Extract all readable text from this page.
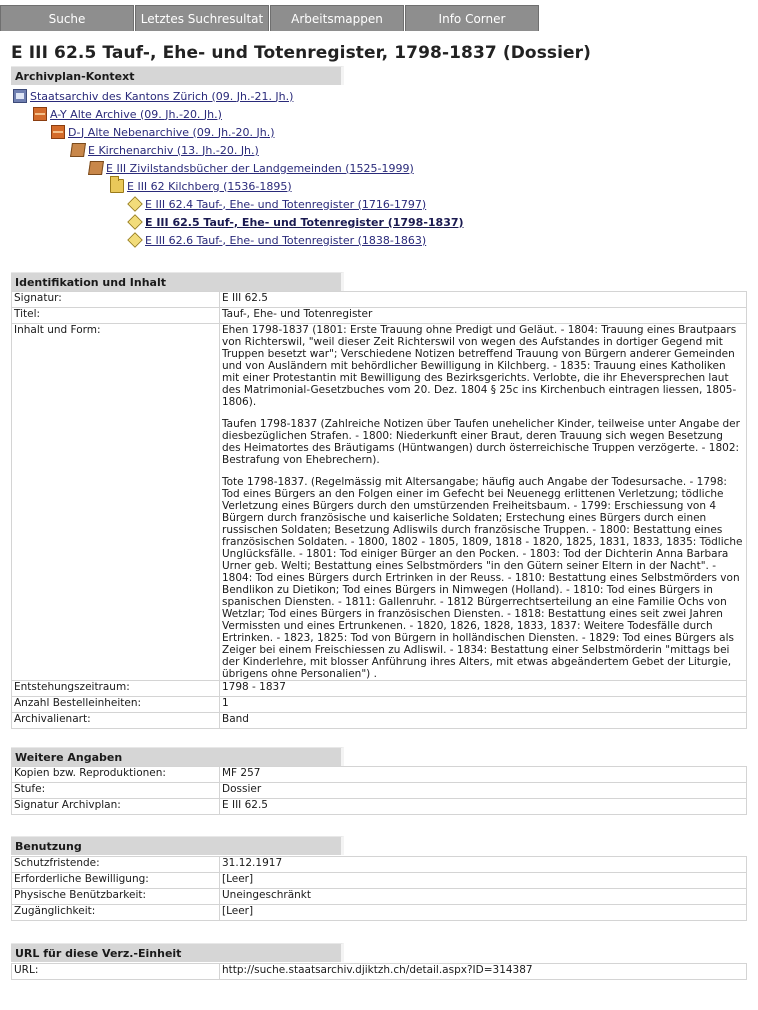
Suche	Letztes Suchresultat	Arbeitsmappen	Info Corner
E III 62.5 Tauf-, Ehe- und Totenregister, 1798-1837 (Dossier)
Archivplan-Kontext
Staatsarchiv des Kantons Zürich (09. Jh.-21. Jh.)
A-Y Alte Archive (09. Jh.-20. Jh.)
D-J Alte Nebenarchive (09. Jh.-20. Jh.)
E Kirchenarchiv (13. Jh.-20. Jh.)
E III Zivilstandsbücher der Landgemeinden (1525-1999)
E III 62 Kilchberg (1536-1895)
E III 62.4 Tauf-, Ehe- und Totenregister (1716-1797)
E III 62.5 Tauf-, Ehe- und Totenregister (1798-1837)
E III 62.6 Tauf-, Ehe- und Totenregister (1838-1863)
Identifikation und Inhalt
Signatur:	E III 62.5
Titel:	Tauf-, Ehe- und Totenregister
Inhalt und Form:	Ehen 1798-1837 (1801: Erste Trauung ohne Predigt und Geläut. - 1804: Trauung eines Brautpaars von Richterswil, "weil dieser Zeit Richterswil von wegen des Aufstandes in dortiger Gegend mit Truppen besetzt war"; Verschiedene Notizen betreffend Trauung von Bürgern anderer Gemeinden und von Ausländern mit behördlicher Bewilligung in Kilchberg. - 1835: Trauung eines Katholiken mit einer Protestantin mit Bewilligung des Bezirksgerichts. Verlobte, die ihr Eheversprechen laut des Matrimonial-Gesetzbuches vom 20. Dez. 1804 § 25c ins Kirchenbuch eintragen liessen, 1805-1806).

Taufen 1798-1837 (Zahlreiche Notizen über Taufen unehelicher Kinder, teilweise unter Angabe der diesbezüglichen Strafen. - 1800: Niederkunft einer Braut, deren Trauung sich wegen Besetzung des Heimatortes des Bräutigams (Hüntwangen) durch österreichische Truppen verzögerte. - 1802: Bestrafung von Ehebrechern).

Tote 1798-1837. (Regelmässig mit Altersangabe; häufig auch Angabe der Todesursache. - 1798: Tod eines Bürgers an den Folgen einer im Gefecht bei Neuenegg erlittenen Verletzung; tödliche Verletzung eines Bürgers durch den umstürzenden Freiheitsbaum. - 1799: Erschiessung von 4 Bürgern durch französische und kaiserliche Soldaten; Erstechung eines Bürgers durch einen russischen Soldaten; Besetzung Adliswils durch französische Truppen. - 1800: Bestattung eines französischen Soldaten. - 1800, 1802 - 1805, 1809, 1818 - 1820, 1825, 1831, 1833, 1835: Tödliche Unglücksfälle. - 1801: Tod einiger Bürger an den Pocken. - 1803: Tod der Dichterin Anna Barbara Urner geb. Welti; Bestattung eines Selbstmörders "in den Gütern seiner Eltern in der Nacht". - 1804: Tod eines Bürgers durch Ertrinken in der Reuss. - 1810: Bestattung eines Selbstmörders von Bendlikon zu Dietikon; Tod eines Bürgers in Nimwegen (Holland). - 1810: Tod eines Bürgers in spanischen Diensten. - 1811: Gallenruhr. - 1812 Bürgerrechtserteilung an eine Familie Ochs von Wetzlar; Tod eines Bürgers in französischen Diensten. - 1818: Bestattung eines seit zwei Jahren Vermissten und eines Ertrunkenen. - 1820, 1826, 1828, 1833, 1837: Weitere Todesfälle durch Ertrinken. - 1823, 1825: Tod von Bürgern in holländischen Diensten. - 1829: Tod eines Bürgers als Zeiger bei einem Freischiessen zu Adliswil. - 1834: Bestattung einer Selbstmörderin "mittags bei der Kinderlehre, mit blosser Anführung ihres Alters, mit etwas abgeändertem Gebet der Liturgie, übrigens ohne Personalien") .

Entstehungszeitraum:	1798 - 1837
Anzahl Bestelleinheiten:	1
Archivalienart:	Band
Weitere Angaben
Kopien bzw. Reproduktionen:	MF 257
Stufe:	Dossier
Signatur Archivplan:	E III 62.5
Benutzung
Schutzfristende:	31.12.1917
Erforderliche Bewilligung:	[Leer]
Physische Benützbarkeit:	Uneingeschränkt
Zugänglichkeit:	[Leer]
URL für diese Verz.-Einheit
URL:	http://suche.staatsarchiv.djiktzh.ch/detail.aspx?ID=314387
